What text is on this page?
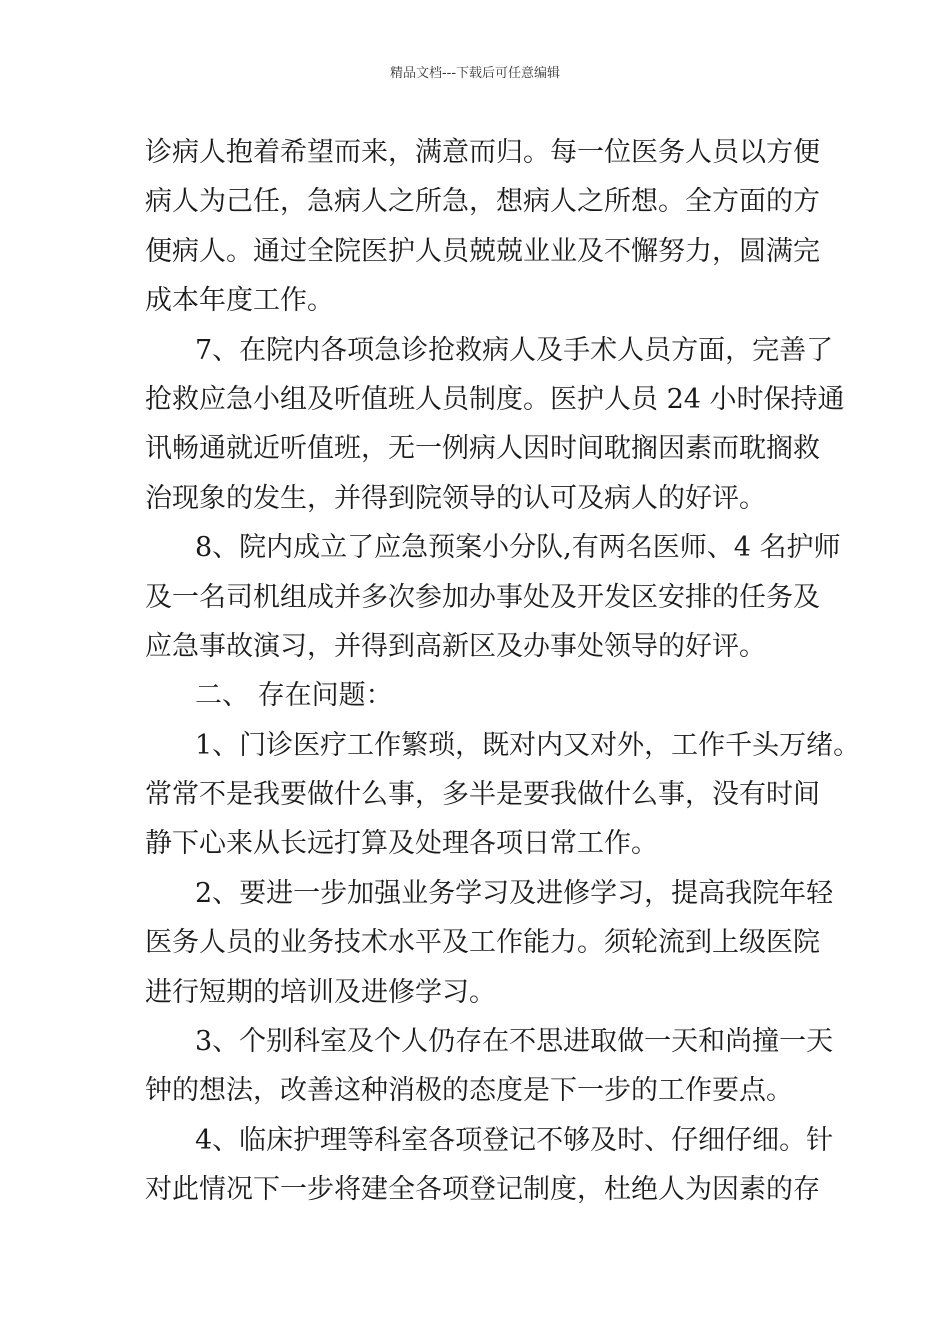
精品文档---下载后可任意编辑
诊病人抱着希望而来，满意而归。每一位医务人员以方便
病人为己任，急病人之所急，想病人之所想。全方面的方
便病人。通过全院医护人员兢兢业业及不懈努力，圆满完
成本年度工作。
7、在院内各项急诊抢救病人及手术人员方面，完善了
抢救应急小组及听值班人员制度。医护人员 24 小时保持通
讯畅通就近听值班，无一例病人因时间耽搁因素而耽搁救
治现象的发生，并得到院领导的认可及病人的好评。
8、院内成立了应急预案小分队,有两名医师、4 名护师
及一名司机组成并多次参加办事处及开发区安排的任务及
应急事故演习，并得到高新区及办事处领导的好评。
二、 存在问题：
1、门诊医疗工作繁琐，既对内又对外，工作千头万绪。
常常不是我要做什么事，多半是要我做什么事，没有时间
静下心来从长远打算及处理各项日常工作。
2、要进一步加强业务学习及进修学习，提高我院年轻
医务人员的业务技术水平及工作能力。须轮流到上级医院
进行短期的培训及进修学习。
3、个别科室及个人仍存在不思进取做一天和尚撞一天
钟的想法，改善这种消极的态度是下一步的工作要点。
4、临床护理等科室各项登记不够及时、仔细仔细。针
对此情况下一步将建全各项登记制度，杜绝人为因素的存
